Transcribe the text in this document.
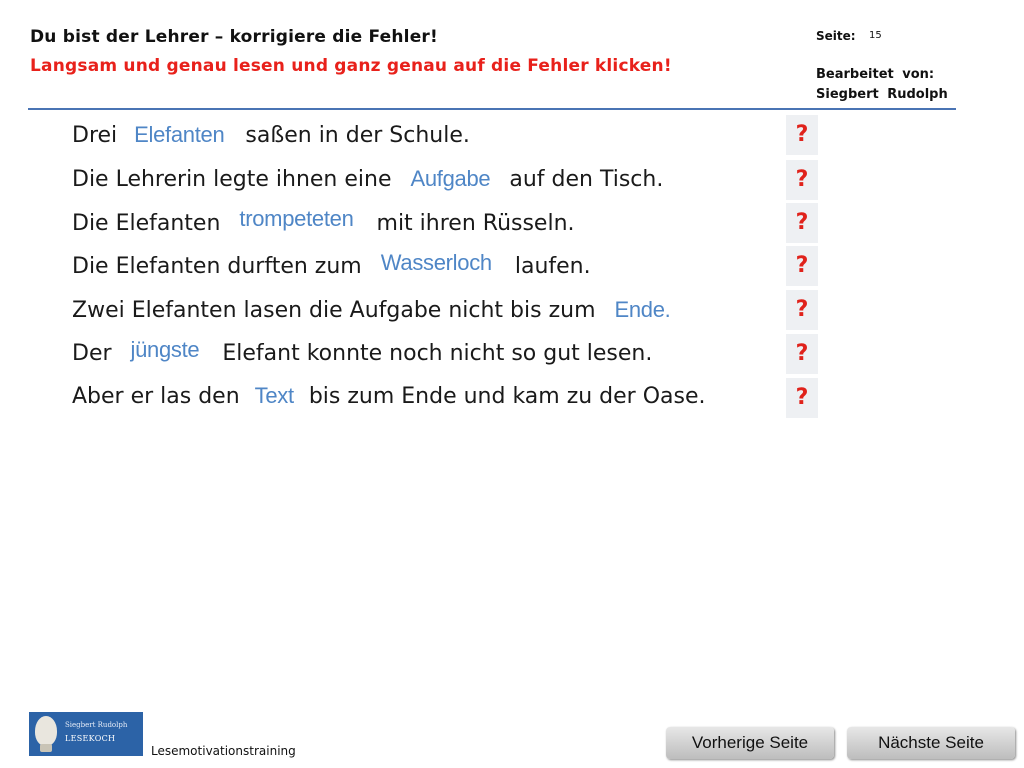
Du bist der Lehrer – korrigiere die Fehler!
Langsam und genau lesen und ganz genau auf die Fehler klicken!
Seite: 15
Bearbeitet von:
Siegbert Rudolph
Drei Elefanten saßen in der Schule.	?
Die Lehrerin legte ihnen eine Aufgabe auf den Tisch.	?
Die Elefanten trompeteten mit ihren Rüsseln.	?
Die Elefanten durften zum Wasserloch laufen.	?
Zwei Elefanten lasen die Aufgabe nicht bis zum Ende.	?
Der jüngste Elefant konnte noch nicht so gut lesen.	?
Aber er las den Text bis zum Ende und kam zu der Oase.	?
Siegbert Rudolph
LESEKOCH
Lesemotivationstraining	Vorherige Seite	Nächste Seite
